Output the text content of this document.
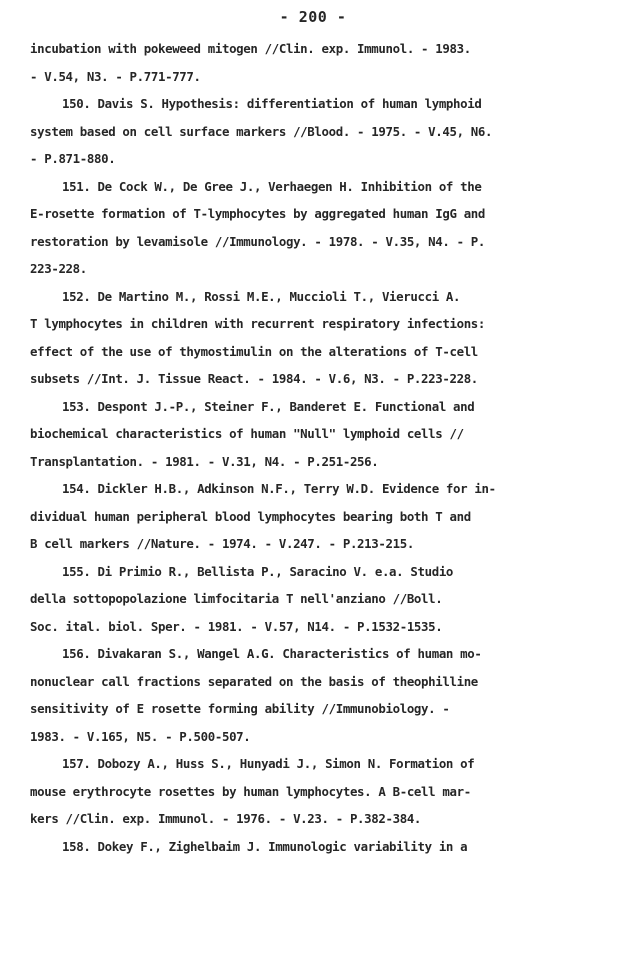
- 200 -
incubation with pokeweed mitogen //Clin. exp. Immunol. - 1983.
- V.54, N3. - P.771-777.
150. Davis S. Hypothesis: differentiation of human lymphoid
system based on cell surface markers //Blood. - 1975. - V.45, N6.
- P.871-880.
151. De Cock W., De Gree J., Verhaegen H. Inhibition of the
E-rosette formation of T-lymphocytes by aggregated human IgG and
restoration by levamisole //Immunology. - 1978. - V.35, N4. - P.
223-228.
152. De Martino M., Rossi M.E., Muccioli T., Vierucci A.
T lymphocytes in children with recurrent respiratory infections:
effect of the use of thymostimulin on the alterations of T-cell
subsets //Int. J. Tissue React. - 1984. - V.6, N3. - P.223-228.
153. Despont J.-P., Steiner F., Banderet E. Functional and
biochemical characteristics of human "Null" lymphoid cells //
Transplantation. - 1981. - V.31, N4. - P.251-256.
154. Dickler H.B., Adkinson N.F., Terry W.D. Evidence for in-
dividual human peripheral blood lymphocytes bearing both T and
B cell markers //Nature. - 1974. - V.247. - P.213-215.
155. Di Primio R., Bellista P., Saracino V. e.a. Studio
della sottopopolazione limfocitaria T nell'anziano //Boll.
Soc. ital. biol. Sper. - 1981. - V.57, N14. - P.1532-1535.
156. Divakaran S., Wangel A.G. Characteristics of human mo-
nonuclear call fractions separated on the basis of theophilline
sensitivity of E rosette forming ability //Immunobiology. -
1983. - V.165, N5. - P.500-507.
157. Dobozy A., Huss S., Hunyadi J., Simon N. Formation of
mouse erythrocyte rosettes by human lymphocytes. A B-cell mar-
kers //Clin. exp. Immunol. - 1976. - V.23. - P.382-384.
158. Dokey F., Zighelbaim J. Immunologic variability in a
